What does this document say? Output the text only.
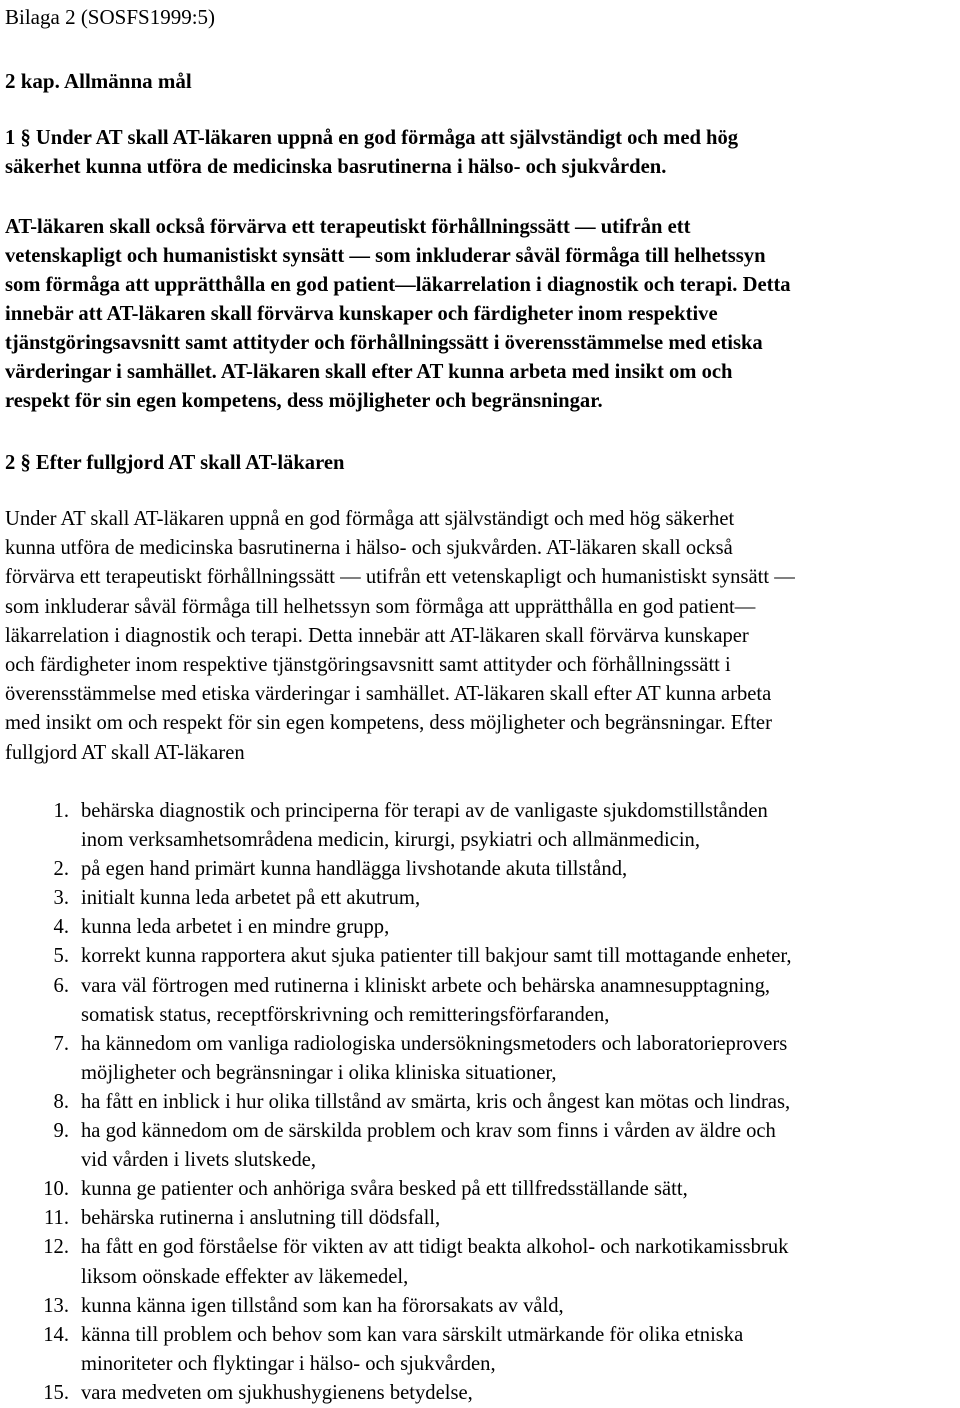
Bilaga 2 (SOSFS1999:5)
2 kap. Allmänna mål
1 § Under AT skall AT-läkaren uppnå en god förmåga att självständigt och med hög
säkerhet kunna utföra de medicinska basrutinerna i hälso- och sjukvården.
AT-läkaren skall också förvärva ett terapeutiskt förhållningssätt — utifrån ett
vetenskapligt och humanistiskt synsätt — som inkluderar såväl förmåga till helhetssyn
som förmåga att upprätthålla en god patient—läkarrelation i diagnostik och terapi. Detta
innebär att AT-läkaren skall förvärva kunskaper och färdigheter inom respektive
tjänstgöringsavsnitt samt attityder och förhållningssätt i överensstämmelse med etiska
värderingar i samhället. AT-läkaren skall efter AT kunna arbeta med insikt om och
respekt för sin egen kompetens, dess möjligheter och begränsningar.
2 § Efter fullgjord AT skall AT-läkaren
Under AT skall AT-läkaren uppnå en god förmåga att självständigt och med hög säkerhet
kunna utföra de medicinska basrutinerna i hälso- och sjukvården. AT-läkaren skall också
förvärva ett terapeutiskt förhållningssätt — utifrån ett vetenskapligt och humanistiskt synsätt —
som inkluderar såväl förmåga till helhetssyn som förmåga att upprätthålla en god patient—
läkarrelation i diagnostik och terapi. Detta innebär att AT-läkaren skall förvärva kunskaper
och färdigheter inom respektive tjänstgöringsavsnitt samt attityder och förhållningssätt i
överensstämmelse med etiska värderingar i samhället. AT-läkaren skall efter AT kunna arbeta
med insikt om och respekt för sin egen kompetens, dess möjligheter och begränsningar. Efter
fullgjord AT skall AT-läkaren
1. behärska diagnostik och principerna för terapi av de vanligaste sjukdomstillstånden
inom verksamhetsområdena medicin, kirurgi, psykiatri och allmänmedicin,
2. på egen hand primärt kunna handlägga livshotande akuta tillstånd,
3. initialt kunna leda arbetet på ett akutrum,
4. kunna leda arbetet i en mindre grupp,
5. korrekt kunna rapportera akut sjuka patienter till bakjour samt till mottagande enheter,
6. vara väl förtrogen med rutinerna i kliniskt arbete och behärska anamnesupptagning,
somatisk status, receptförskrivning och remitteringsförfaranden,
7. ha kännedom om vanliga radiologiska undersökningsmetoders och laboratorieprovers
möjligheter och begränsningar i olika kliniska situationer,
8. ha fått en inblick i hur olika tillstånd av smärta, kris och ångest kan mötas och lindras,
9. ha god kännedom om de särskilda problem och krav som finns i vården av äldre och
vid vården i livets slutskede,
10. kunna ge patienter och anhöriga svåra besked på ett tillfredsställande sätt,
11. behärska rutinerna i anslutning till dödsfall,
12. ha fått en god förståelse för vikten av att tidigt beakta alkohol- och narkotikamissbruk
liksom oönskade effekter av läkemedel,
13. kunna känna igen tillstånd som kan ha förorsakats av våld,
14. känna till problem och behov som kan vara särskilt utmärkande för olika etniska
minoriteter och flyktingar i hälso- och sjukvården,
15. vara medveten om sjukhushygienens betydelse,
